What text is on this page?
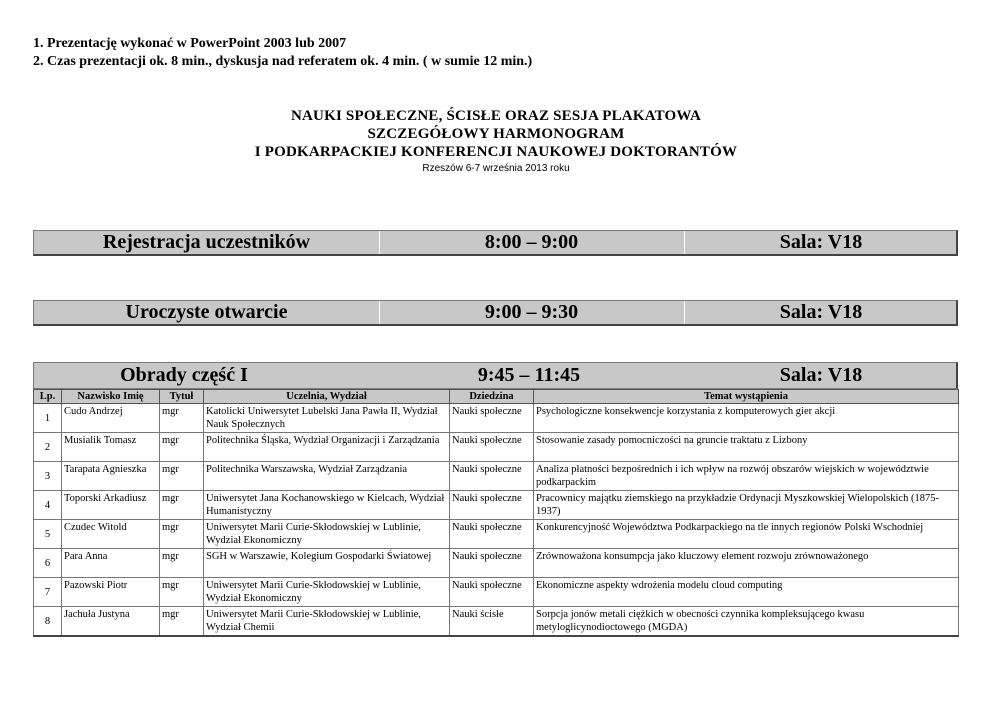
1. Prezentację wykonać w PowerPoint 2003 lub 2007
2. Czas prezentacji ok. 8 min., dyskusja nad referatem ok. 4 min. ( w sumie 12 min.)
NAUKI SPOŁECZNE, ŚCISŁE ORAZ SESJA PLAKATOWA
SZCZEGÓŁOWY HARMONOGRAM
I PODKARPACKIEJ KONFERENCJI NAUKOWEJ DOKTORANTÓW
Rzeszów 6-7 września 2013 roku
Rejestracja uczestników	8:00 – 9:00	Sala: V18
Uroczyste otwarcie	9:00 – 9:30	Sala: V18
Obrady część I	9:45 – 11:45	Sala: V18
Lp.	Nazwisko Imię	Tytuł	Uczelnia, Wydział	Dziedzina	Temat wystąpienia
1	Cudo Andrzej	mgr	Katolicki Uniwersytet Lubelski Jana Pawła II, Wydział Nauk Społecznych	Nauki społeczne	Psychologiczne konsekwencje korzystania z komputerowych gier akcji
2	Musialik Tomasz	mgr	Politechnika Śląska, Wydział Organizacji i Zarządzania	Nauki społeczne	Stosowanie zasady pomocniczości na gruncie traktatu z Lizbony
3	Tarapata Agnieszka	mgr	Politechnika Warszawska, Wydział Zarządzania	Nauki społeczne	Analiza płatności bezpośrednich i ich wpływ na rozwój obszarów wiejskich w województwie podkarpackim
4	Toporski Arkadiusz	mgr	Uniwersytet Jana Kochanowskiego w Kielcach, Wydział Humanistyczny	Nauki społeczne	Pracownicy majątku ziemskiego na przykładzie Ordynacji Myszkowskiej Wielopolskich (1875-1937)
5	Czudec Witold	mgr	Uniwersytet Marii Curie-Skłodowskiej w Lublinie, Wydział Ekonomiczny	Nauki społeczne	Konkurencyjność Województwa Podkarpackiego na tle innych regionów Polski Wschodniej
6	Para Anna	mgr	SGH w Warszawie, Kolegium Gospodarki Światowej	Nauki społeczne	Zrównoważona konsumpcja jako kluczowy element rozwoju zrównoważonego
7	Pazowski Piotr	mgr	Uniwersytet Marii Curie-Skłodowskiej w Lublinie, Wydział Ekonomiczny	Nauki społeczne	Ekonomiczne aspekty wdrożenia modelu cloud computing
8	Jachuła Justyna	mgr	Uniwersytet Marii Curie-Skłodowskiej w Lublinie, Wydział Chemii	Nauki ścisłe	Sorpcja jonów metali ciężkich w obecności czynnika kompleksującego kwasu metyloglicynodioctowego (MGDA)
